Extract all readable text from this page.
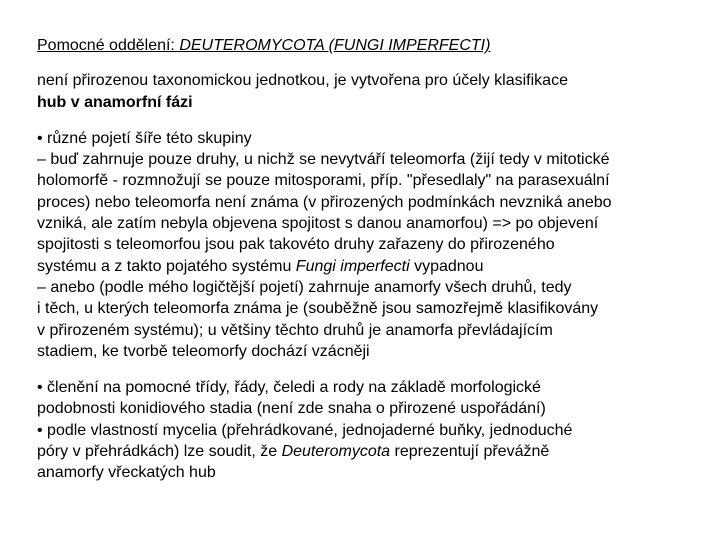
Pomocné oddělení: DEUTEROMYCOTA (FUNGI IMPERFECTI)
není přirozenou taxonomickou jednotkou, je vytvořena pro účely klasifikace
hub v anamorfní fázi
• různé pojetí šíře této skupiny
– buď zahrnuje pouze druhy, u nichž se nevytváří teleomorfa (žijí tedy v mitotické
holomorfě - rozmnožují se pouze mitosporami, příp. "přesedlaly" na parasexuální
proces) nebo teleomorfa není známa (v přirozených podmínkách nevzniká anebo
vzniká, ale zatím nebyla objevena spojitost s danou anamorfou) => po objevení
spojitosti s teleomorfou jsou pak takovéto druhy zařazeny do přirozeného
systému a z takto pojatého systému Fungi imperfecti vypadnou
– anebo (podle mého logičtější pojetí) zahrnuje anamorfy všech druhů, tedy
i těch, u kterých teleomorfa známa je (souběžně jsou samozřejmě klasifikovány
v přirozeném systému); u většiny těchto druhů je anamorfa převládajícím
stadiem, ke tvorbě teleomorfy dochází vzácněji
• členění na pomocné třídy, řády, čeledi a rody na základě morfologické
podobnosti konidiového stadia (není zde snaha o přirozené uspořádání)
• podle vlastností mycelia (přehrádkované, jednojaderné buňky, jednoduché
póry v přehrádkách) lze soudit, že Deuteromycota reprezentují převážně
anamorfy vřeckatých hub
